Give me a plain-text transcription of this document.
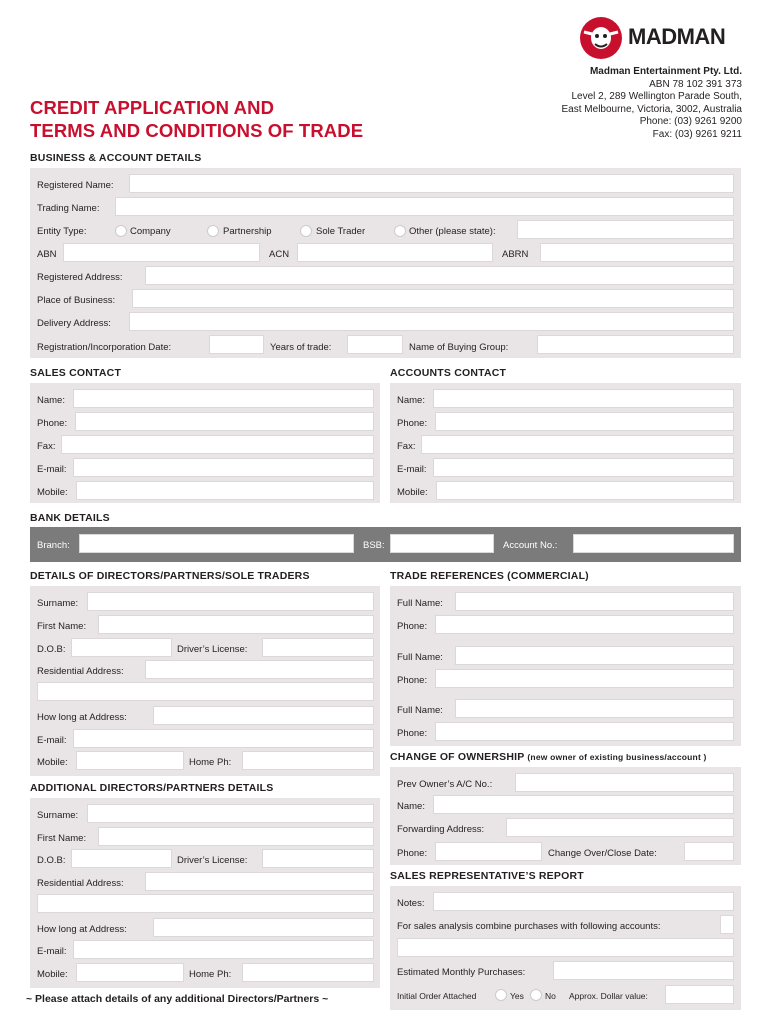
MADMAN
Madman Entertainment Pty. Ltd.
ABN 78 102 391 373
Level 2, 289 Wellington Parade South,
East Melbourne, Victoria, 3002, Australia
Phone: (03) 9261 9200
Fax: (03) 9261 9211
CREDIT APPLICATION AND
TERMS AND CONDITIONS OF TRADE
BUSINESS & ACCOUNT DETAILS
Registered Name:
Trading Name:
Entity Type:	Company	Partnership	Sole Trader	Other (please state):
ABN	ACN	ABRN
Registered Address:
Place of Business:
Delivery Address:
Registration/Incorporation Date:	Years of trade:	Name of Buying Group:
SALES CONTACT
Name:
Phone:
Fax:
E-mail:
Mobile:
ACCOUNTS CONTACT
Name:
Phone:
Fax:
E-mail:
Mobile:
BANK DETAILS
Branch:	BSB:	Account No.:
DETAILS OF DIRECTORS/PARTNERS/SOLE TRADERS
Surname:
First Name:
D.O.B:	Driver’s License:
Residential Address:
How long at Address:
E-mail:
Mobile:	Home Ph:
ADDITIONAL DIRECTORS/PARTNERS DETAILS
Surname:
First Name:
D.O.B:	Driver’s License:
Residential Address:
How long at Address:
E-mail:
Mobile:	Home Ph:
TRADE REFERENCES (COMMERCIAL)
Full Name:
Phone:
Full Name:
Phone:
Full Name:
Phone:
CHANGE OF OWNERSHIP (new owner of existing business/account )
Prev Owner’s A/C No.:
Name:
Forwarding Address:
Phone:	Change Over/Close Date:
SALES REPRESENTATIVE’S REPORT
Notes:
For sales analysis combine purchases with following accounts:
Estimated Monthly Purchases:
Initial Order Attached	Yes No Approx. Dollar value:
~ Please attach details of any additional Directors/Partners ~
